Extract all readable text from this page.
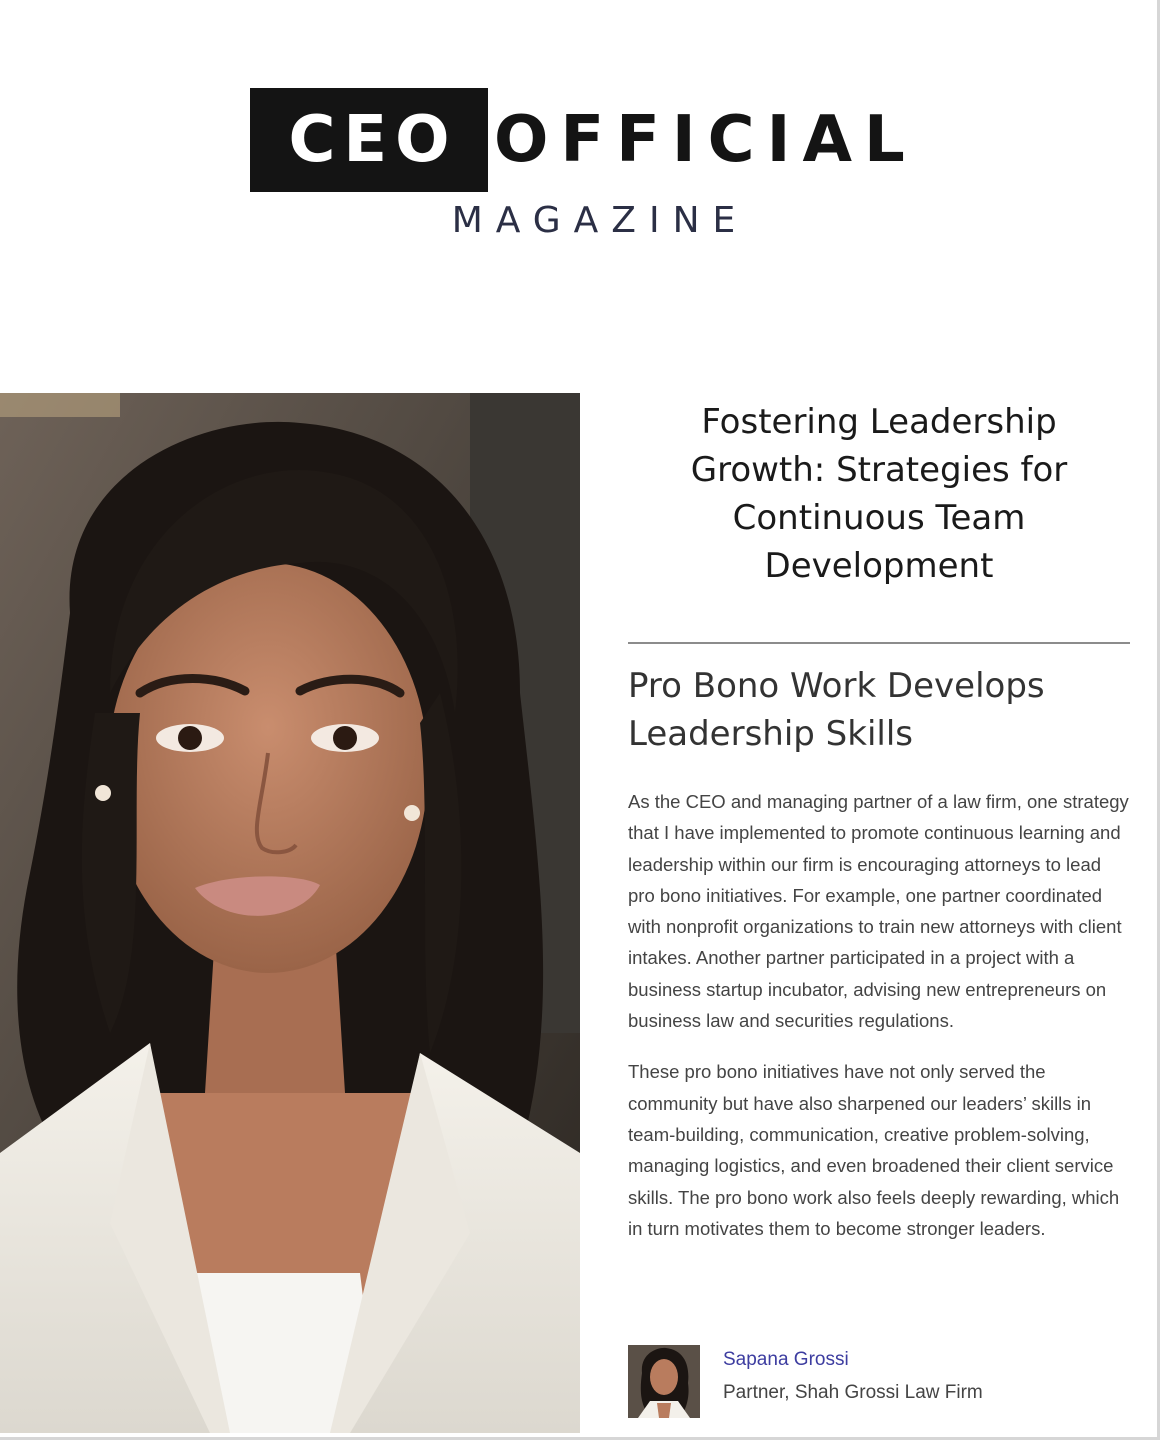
CEO OFFICIAL
MAGAZINE
Fostering Leadership
Growth: Strategies for
Continuous Team
Development
Pro Bono Work Develops
Leadership Skills

As the CEO and managing partner of a law firm, one strategy that I have implemented to promote continuous learning and leadership within our firm is encouraging attorneys to lead pro bono initiatives. For example, one partner coordinated with nonprofit organizations to train new attorneys with client intakes. Another partner participated in a project with a business startup incubator, advising new entrepreneurs on business law and securities regulations.

These pro bono initiatives have not only served the community but have also sharpened our leaders’ skills in team-building, communication, creative problem-solving, managing logistics, and even broadened their client service skills. The pro bono work also feels deeply rewarding, which in turn motivates them to become stronger leaders.

Sapana Grossi
Partner, Shah Grossi Law Firm
